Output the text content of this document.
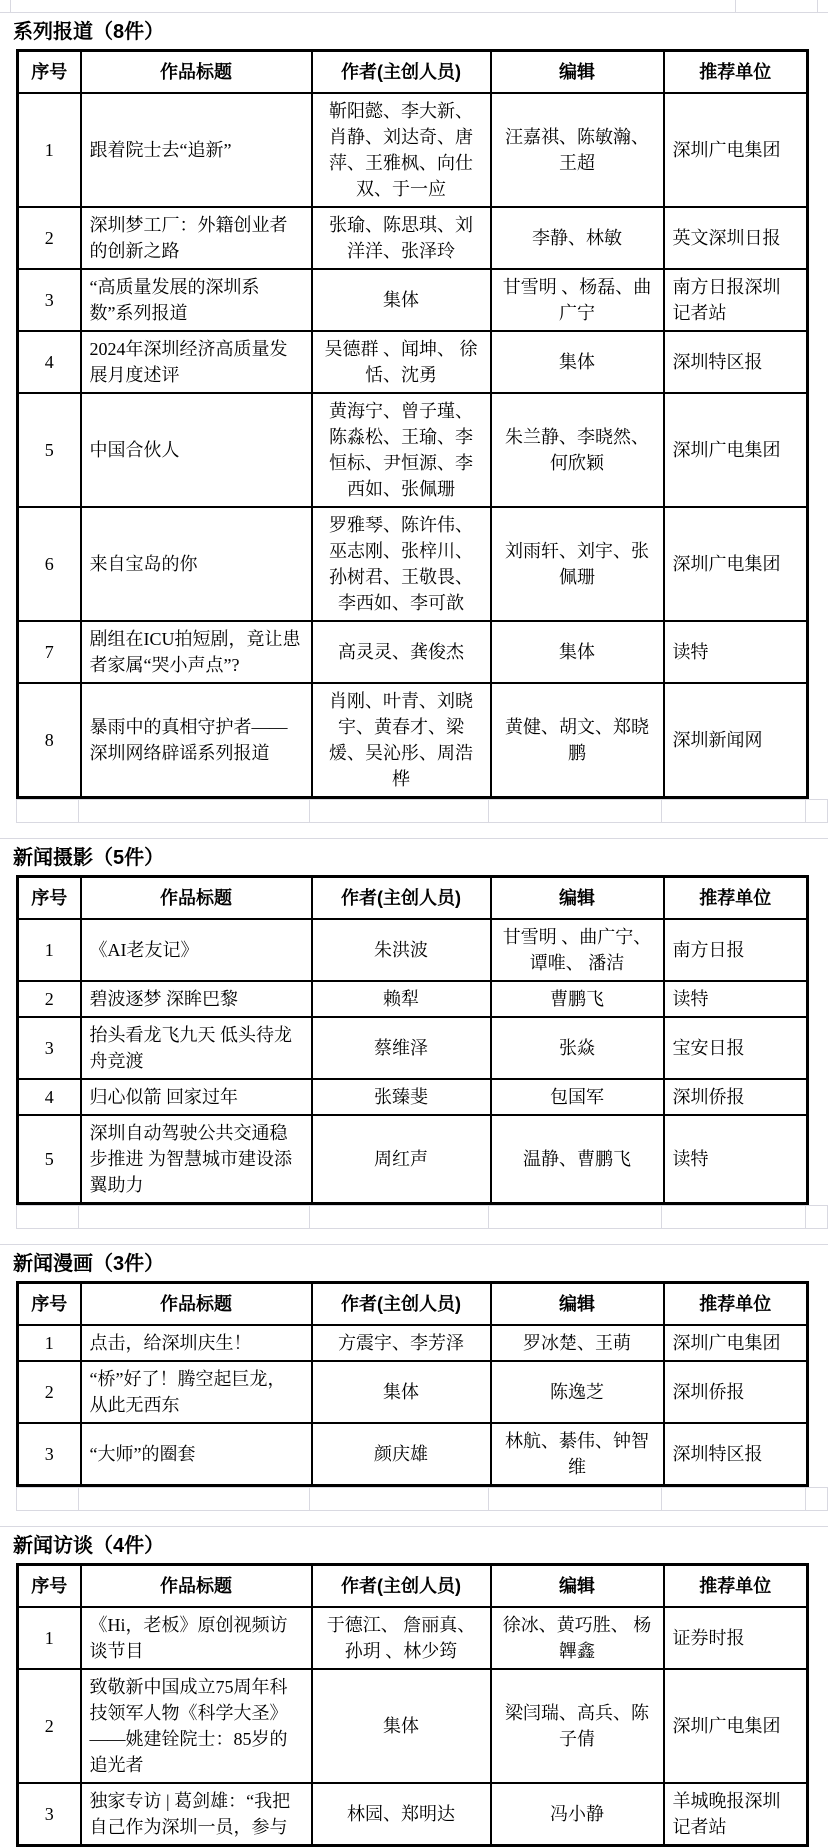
系列报道（8件）
序号	作品标题	作者(主创人员)	编辑	推荐单位
1	跟着院士去“追新”	靳阳懿、李大新、肖静、刘达奇、唐萍、王雅枫、向仕双、于一应	汪嘉祺、陈敏瀚、王超	深圳广电集团
2	深圳梦工厂：外籍创业者的创新之路	张瑜、陈思琪、刘洋洋、张泽玲	李静、林敏	英文深圳日报
3	“高质量发展的深圳系数”系列报道	集体	甘雪明 、杨磊、曲广宁	南方日报深圳记者站
4	2024年深圳经济高质量发展月度述评	吴德群 、闻坤、 徐恬、沈勇	集体	深圳特区报
5	中国合伙人	黄海宁、曾子瑾、陈淼松、王瑜、李恒标、尹恒源、李西如、张佩珊	朱兰静、李晓然、何欣颖	深圳广电集团
6	来自宝岛的你	罗雅琴、陈许伟、巫志刚、张梓川、孙树君、王敬畏、李西如、李可歆	刘雨轩、刘宇、张佩珊	深圳广电集团
7	剧组在ICU拍短剧，竟让患者家属“哭小声点”?	高灵灵、龚俊杰	集体	读特
8	暴雨中的真相守护者——深圳网络辟谣系列报道	肖刚、叶青、刘晓宇、黄春才、梁煖、吴沁彤、周浩桦	黄健、胡文、郑晓鹏	深圳新闻网
新闻摄影（5件）
序号	作品标题	作者(主创人员)	编辑	推荐单位
1	《AI老友记》	朱洪波	甘雪明 、曲广宁、谭唯、 潘洁	南方日报
2	碧波逐梦 深眸巴黎	赖犁	曹鹏飞	读特
3	抬头看龙飞九天 低头待龙舟竞渡	蔡维泽	张焱	宝安日报
4	归心似箭 回家过年	张臻斐	包国军	深圳侨报
5	深圳自动驾驶公共交通稳步推进 为智慧城市建设添翼助力	周红声	温静、曹鹏飞	读特
新闻漫画（3件）
序号	作品标题	作者(主创人员)	编辑	推荐单位
1	点击，给深圳庆生！	方震宇、李芳泽	罗冰楚、王萌	深圳广电集团
2	“桥”好了！腾空起巨龙，从此无西东	集体	陈逸芝	深圳侨报
3	“大师”的圈套	颜庆雄	林航、綦伟、钟智维	深圳特区报
新闻访谈（4件）
序号	作品标题	作者(主创人员)	编辑	推荐单位
1	《Hi，老板》原创视频访谈节目	于德江、 詹丽真、孙玥 、林少筠	徐冰、黄巧胜、 杨韠鑫	证券时报
2	致敬新中国成立75周年科技领军人物《科学大圣》——姚建铨院士：85岁的追光者	集体	梁闫瑞、高兵、陈子倩	深圳广电集团
3	独家专访 | 葛剑雄：“我把自己作为深圳一员，参与	林园、郑明达	冯小静	羊城晚报深圳记者站
